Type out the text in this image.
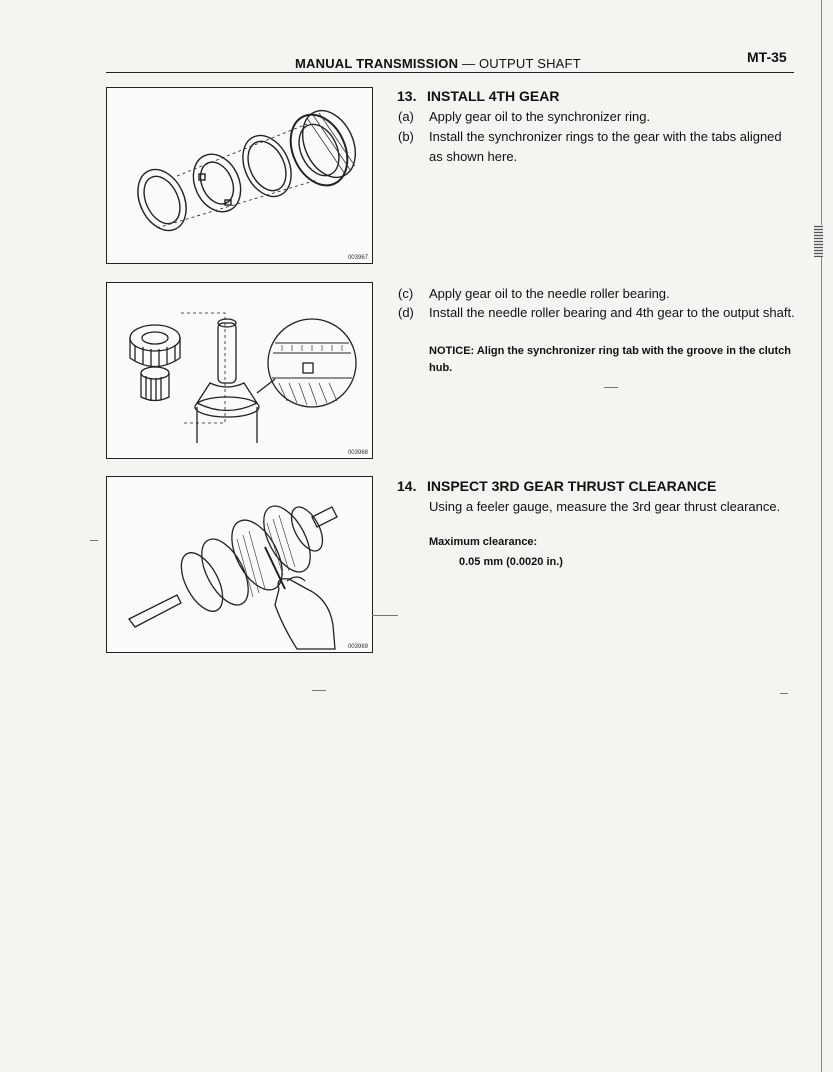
MANUAL TRANSMISSION — OUTPUT SHAFT	MT-35
003967
003968
003969
13. INSTALL 4TH GEAR
(a) Apply gear oil to the synchronizer ring.
(b) Install the synchronizer rings to the gear with the tabs aligned as shown here.
(c) Apply gear oil to the needle roller bearing.
(d) Install the needle roller bearing and 4th gear to the output shaft.
NOTICE: Align the synchronizer ring tab with the groove in the clutch hub.
14. INSPECT 3RD GEAR THRUST CLEARANCE
Using a feeler gauge, measure the 3rd gear thrust clearance.
Maximum clearance:
0.05 mm (0.0020 in.)
